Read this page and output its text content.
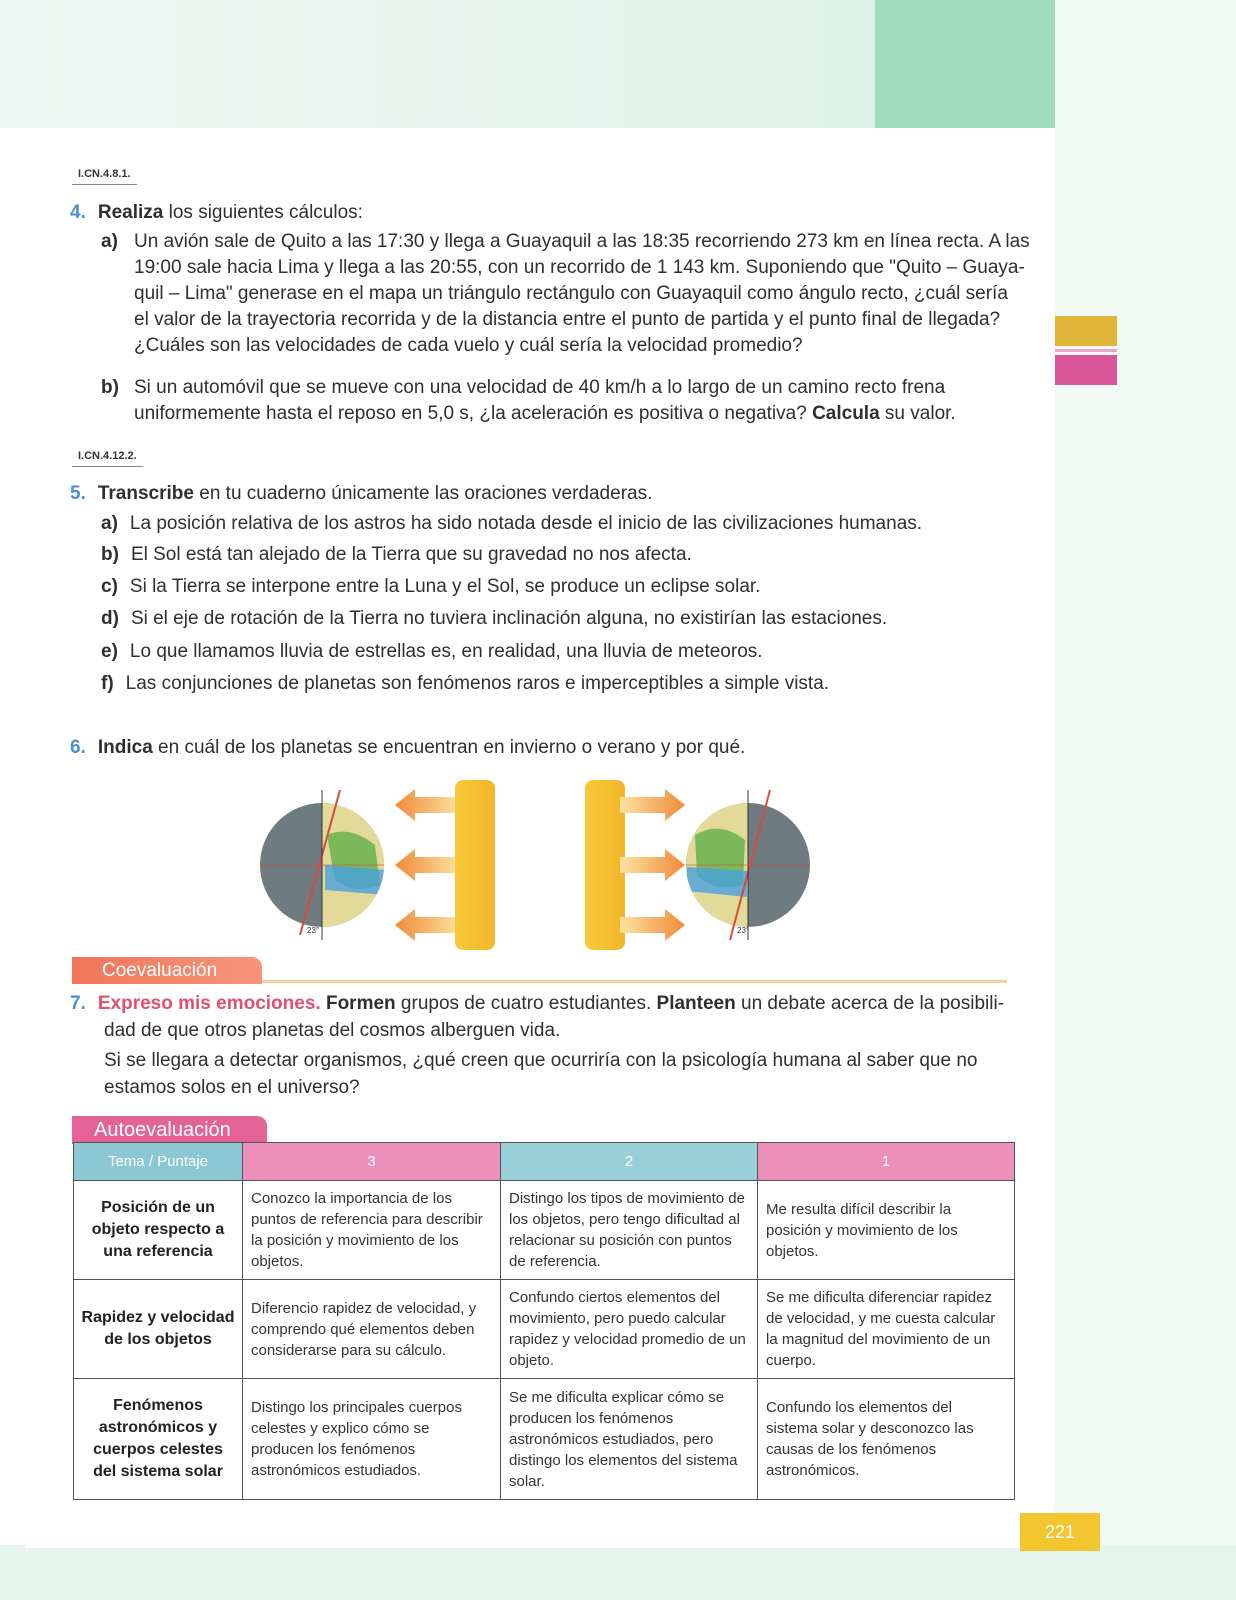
I.CN.4.8.1.
4. Realiza los siguientes cálculos:
a) Un avión sale de Quito a las 17:30 y llega a Guayaquil a las 18:35 recorriendo 273 km en línea recta. A las
19:00 sale hacia Lima y llega a las 20:55, con un recorrido de 1 143 km. Suponiendo que "Quito – Guaya-
quil – Lima" generase en el mapa un triángulo rectángulo con Guayaquil como ángulo recto, ¿cuál sería
el valor de la trayectoria recorrida y de la distancia entre el punto de partida y el punto final de llegada?
¿Cuáles son las velocidades de cada vuelo y cuál sería la velocidad promedio?
b) Si un automóvil que se mueve con una velocidad de 40 km/h a lo largo de un camino recto frena
uniformemente hasta el reposo en 5,0 s, ¿la aceleración es positiva o negativa? Calcula su valor.
I.CN.4.12.2.
5. Transcribe en tu cuaderno únicamente las oraciones verdaderas.
a) La posición relativa de los astros ha sido notada desde el inicio de las civilizaciones humanas.
b) El Sol está tan alejado de la Tierra que su gravedad no nos afecta.
c) Si la Tierra se interpone entre la Luna y el Sol, se produce un eclipse solar.
d) Si el eje de rotación de la Tierra no tuviera inclinación alguna, no existirían las estaciones.
e) Lo que llamamos lluvia de estrellas es, en realidad, una lluvia de meteoros.
f) Las conjunciones de planetas son fenómenos raros e imperceptibles a simple vista.
6. Indica en cuál de los planetas se encuentran en invierno o verano y por qué.
23°	23°
Coevaluación
7. Expreso mis emociones. Formen grupos de cuatro estudiantes. Planteen un debate acerca de la posibili-
dad de que otros planetas del cosmos alberguen vida.
Si se llegara a detectar organismos, ¿qué creen que ocurriría con la psicología humana al saber que no
estamos solos en el universo?
Autoevaluación
Tema / Puntaje	3	2	1
Posición de un objeto respecto a una referencia	Conozco la importancia de los puntos de referencia para describir la posición y movimiento de los objetos.	Distingo los tipos de movimiento de los objetos, pero tengo dificultad al relacionar su posición con puntos de referencia.	Me resulta difícil describir la posición y movimiento de los objetos.
Rapidez y velocidad de los objetos	Diferencio rapidez de velocidad, y comprendo qué elementos deben considerarse para su cálculo.	Confundo ciertos elementos del movimiento, pero puedo calcular rapidez y velocidad promedio de un objeto.	Se me dificulta diferenciar rapidez de velocidad, y me cuesta calcular la magnitud del movimiento de un cuerpo.
Fenómenos astronómicos y cuerpos celestes del sistema solar	Distingo los principales cuerpos celestes y explico cómo se producen los fenómenos astronómicos estudiados.	Se me dificulta explicar cómo se producen los fenómenos astronómicos estudiados, pero distingo los elementos del sistema solar.	Confundo los elementos del sistema solar y desconozco las causas de los fenómenos astronómicos.
221
